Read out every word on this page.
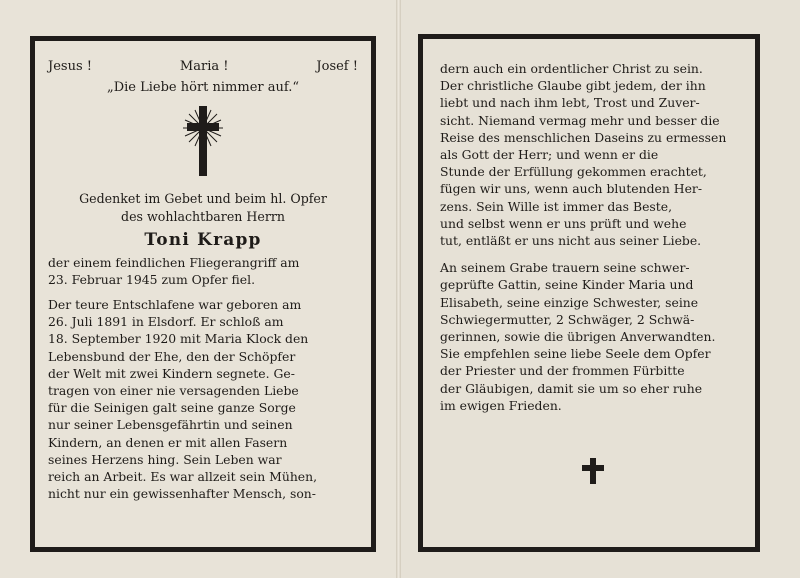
Jesus !	Maria !	Josef !
„Die Liebe hört nimmer auf.“
Gedenket im Gebet und beim hl. Opfer
des wohlachtbaren Herrn
Toni Krapp

der einem feindlichen Fliegerangriff am

23. Februar 1945 zum Opfer fiel.

Der teure Entschlafene war geboren am

26. Juli 1891 in Elsdorf. Er schloß am

18. September 1920 mit Maria Klock den

Lebensbund der Ehe, den der Schöpfer

der Welt mit zwei Kindern segnete. Ge-

tragen von einer nie versagenden Liebe

für die Seinigen galt seine ganze Sorge

nur seiner Lebensgefährtin und seinen

Kindern, an denen er mit allen Fasern

seines Herzens hing. Sein Leben war

reich an Arbeit. Es war allzeit sein Mühen,

nicht nur ein gewissenhafter Mensch, son-

dern auch ein ordentlicher Christ zu sein.

Der christliche Glaube gibt jedem, der ihn

liebt und nach ihm lebt, Trost und Zuver-

sicht. Niemand vermag mehr und besser die

Reise des menschlichen Daseins zu ermessen

als Gott der Herr; und wenn er die

Stunde der Erfüllung gekommen erachtet,

fügen wir uns, wenn auch blutenden Her-

zens. Sein Wille ist immer das Beste,

und selbst wenn er uns prüft und wehe

tut, entläßt er uns nicht aus seiner Liebe.

An seinem Grabe trauern seine schwer-

geprüfte Gattin, seine Kinder Maria und

Elisabeth, seine einzige Schwester, seine

Schwiegermutter, 2 Schwäger, 2 Schwä-

gerinnen, sowie die übrigen Anverwandten.

Sie empfehlen seine liebe Seele dem Opfer

der Priester und der frommen Fürbitte

der Gläubigen, damit sie um so eher ruhe

im ewigen Frieden.
